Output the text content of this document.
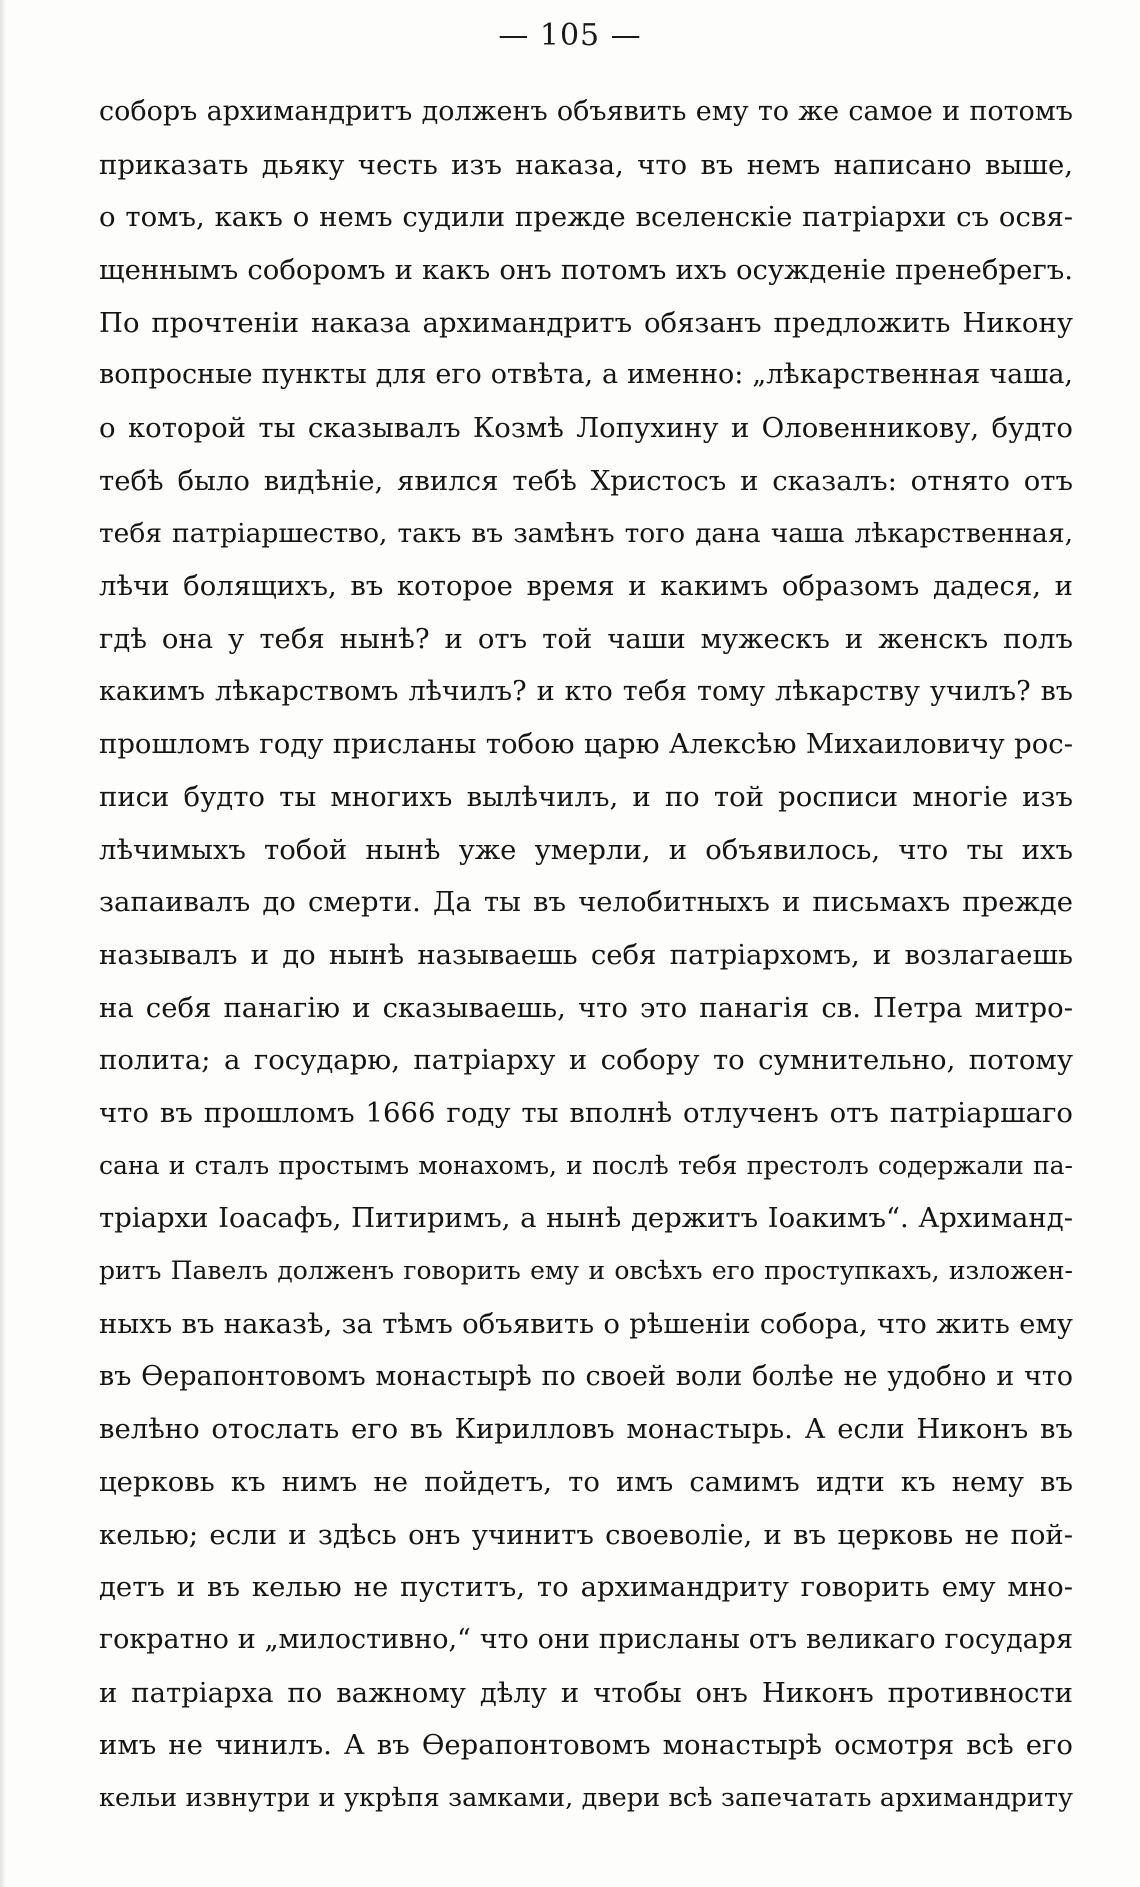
— 105 —
соборъ архимандритъ долженъ объявить ему то же самое и потомъ
приказать дьяку честь изъ наказа, что въ немъ написано выше,
о томъ, какъ о немъ судили прежде вселенскіе патріархи съ освя-
щеннымъ соборомъ и какъ онъ потомъ ихъ осужденіе пренебрегъ.
По прочтеніи наказа архимандритъ обязанъ предложить Никону
вопросные пункты для его отвѣта, а именно: „лѣкарственная чаша,
о которой ты сказывалъ Козмѣ Лопухину и Оловенникову, будто
тебѣ было видѣніе, явился тебѣ Христосъ и сказалъ: отнято отъ
тебя патріаршество, такъ въ замѣнъ того дана чаша лѣкарственная,
лѣчи болящихъ, въ которое время и какимъ образомъ дадеся, и
гдѣ она у тебя нынѣ? и отъ той чаши мужескъ и женскъ полъ
какимъ лѣкарствомъ лѣчилъ? и кто тебя тому лѣкарству училъ? въ
прошломъ году присланы тобою царю Алексѣю Михаиловичу рос-
писи будто ты многихъ вылѣчилъ, и по той росписи многіе изъ
лѣчимыхъ тобой нынѣ уже умерли, и объявилось, что ты ихъ
запаивалъ до смерти. Да ты въ челобитныхъ и письмахъ прежде
называлъ и до нынѣ называешь себя патріархомъ, и возлагаешь
на себя панагію и сказываешь, что это панагія св. Петра митро-
полита; а государю, патріарху и собору то сумнительно, потому
что въ прошломъ 1666 году ты вполнѣ отлученъ отъ патріаршаго
сана и сталъ простымъ монахомъ, и послѣ тебя престолъ содержали па-
тріархи Іоасафъ, Питиримъ, а нынѣ держитъ Іоакимъ“. Архиманд-
ритъ Павелъ долженъ говорить ему и овсѣхъ его проступкахъ, изложен-
ныхъ въ наказѣ, за тѣмъ объявить о рѣшеніи собора, что жить ему
въ Ѳерапонтовомъ монастырѣ по своей воли болѣе не удобно и что
велѣно отослать его въ Кирилловъ монастырь. А если Никонъ въ
церковь къ нимъ не пойдетъ, то имъ самимъ идти къ нему въ
келью; если и здѣсь онъ учинитъ своеволіе, и въ церковь не пой-
детъ и въ келью не пуститъ, то архимандриту говорить ему мно-
гократно и „милостивно,“ что они присланы отъ великаго государя
и патріарха по важному дѣлу и чтобы онъ Никонъ противности
имъ не чинилъ. А въ Ѳерапонтовомъ монастырѣ осмотря всѣ его
кельи извнутри и укрѣпя замками, двери всѣ запечатать архимандриту
